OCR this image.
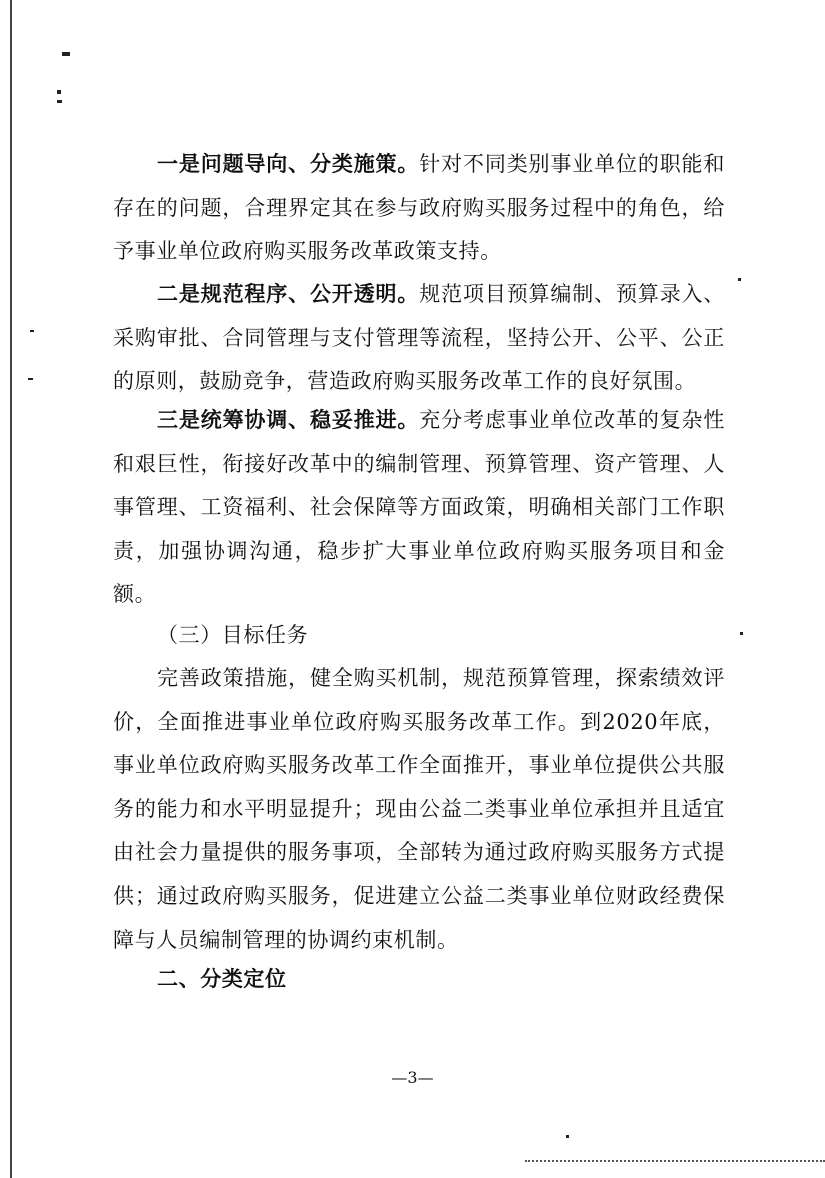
一是问题导向、分类施策。针对不同类别事业单位的职能和存在的问题，合理界定其在参与政府购买服务过程中的角色，给予事业单位政府购买服务改革政策支持。

二是规范程序、公开透明。规范项目预算编制、预算录入、采购审批、合同管理与支付管理等流程，坚持公开、公平、公正的原则，鼓励竞争，营造政府购买服务改革工作的良好氛围。

三是统筹协调、稳妥推进。充分考虑事业单位改革的复杂性和艰巨性，衔接好改革中的编制管理、预算管理、资产管理、人事管理、工资福利、社会保障等方面政策，明确相关部门工作职责，加强协调沟通，稳步扩大事业单位政府购买服务项目和金额。

（三）目标任务

完善政策措施，健全购买机制，规范预算管理，探索绩效评价，全面推进事业单位政府购买服务改革工作。到2020年底，事业单位政府购买服务改革工作全面推开，事业单位提供公共服务的能力和水平明显提升；现由公益二类事业单位承担并且适宜由社会力量提供的服务事项，全部转为通过政府购买服务方式提供；通过政府购买服务，促进建立公益二类事业单位财政经费保障与人员编制管理的协调约束机制。

二、分类定位

—3—
